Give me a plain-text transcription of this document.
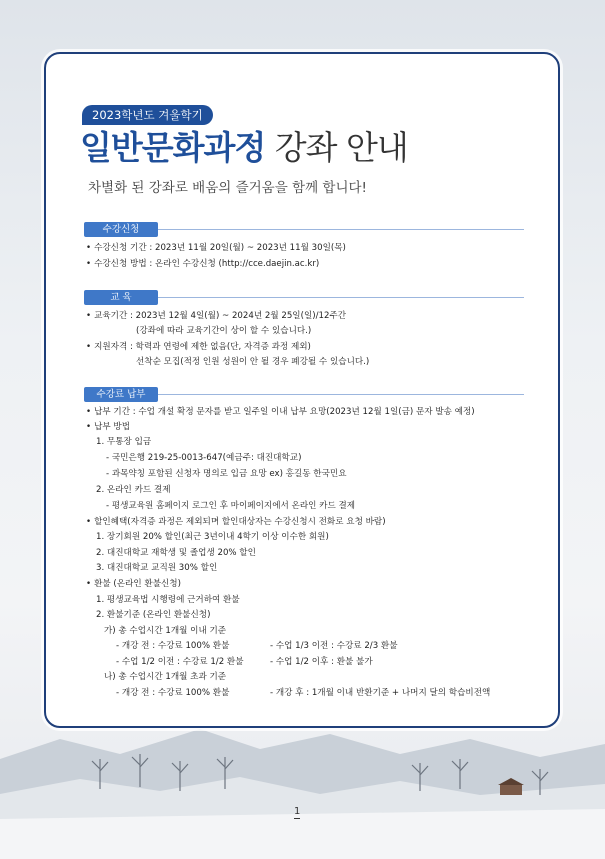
2023학년도 겨울학기
일반문화과정 강좌 안내
차별화 된 강좌로 배움의 즐거움을 함께 합니다!
수강신청
• 수강신청 기간 : 2023년 11월 20일(월) ~ 2023년 11월 30일(목)
• 수강신청 방법 : 온라인 수강신청 (http://cce.daejin.ac.kr)
교 육
• 교육기간 : 2023년 12월 4일(월) ~ 2024년 2월 25일(일)/12주간
(강좌에 따라 교육기간이 상이 할 수 있습니다.)
• 지원자격 : 학력과 연령에 제한 없음(단, 자격증 과정 제외)
선착순 모집(적정 인원 성원이 안 될 경우 폐강될 수 있습니다.)
수강료 납부
• 납부 기간 : 수업 개설 확정 문자를 받고 일주일 이내 납부 요망(2023년 12월 1일(금) 문자 발송 예정)
• 납부 방법
1. 무통장 입금
- 국민은행 219-25-0013-647(예금주: 대진대학교)
- 과목약칭 포함된 신청자 명의로 입금 요망 ex) 홍길동 한국민요
2. 온라인 카드 결제
- 평생교육원 홈페이지 로그인 후 마이페이지에서 온라인 카드 결제
• 할인혜택(자격증 과정은 제외되며 할인대상자는 수강신청시 전화로 요청 바람)
1. 장기회원 20% 할인(최근 3년이내 4학기 이상 이수한 회원)
2. 대진대학교 재학생 및 졸업생 20% 할인
3. 대진대학교 교직원 30% 할인
• 환불 (온라인 환불신청)
1. 평생교육법 시행령에 근거하여 환불
2. 환불기준 (온라인 환불신청)
가) 총 수업시간 1개월 이내 기준
- 개강 전 : 수강료 100% 환불	- 수업 1/3 이전 : 수강료 2/3 환불
- 수업 1/2 이전 : 수강료 1/2 환불	- 수업 1/2 이후 : 환불 불가
나) 총 수업시간 1개월 초과 기준
- 개강 전 : 수강료 100% 환불	- 개강 후 : 1개월 이내 반환기준 + 나머지 달의 학습비전액
1
